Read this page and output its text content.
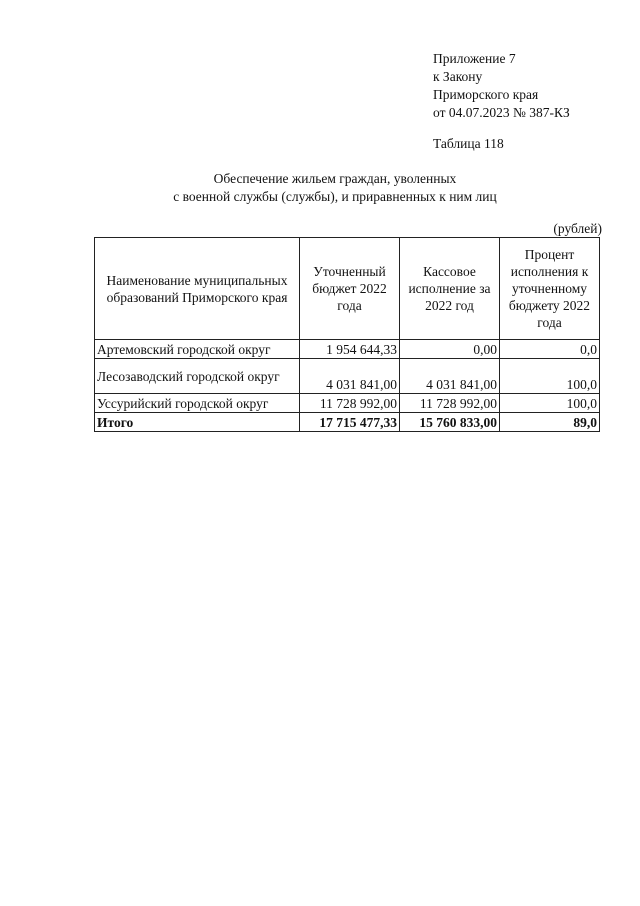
Приложение 7
к Закону
Приморского края
от 04.07.2023 № 387-КЗ
Таблица 118
Обеспечение жильем граждан, уволенных
с военной службы (службы), и приравненных к ним лиц
(рублей)
Наименование муниципальных образований Приморского края	Уточненный бюджет 2022 года	Кассовое исполнение за 2022 год	Процент исполнения к уточненному бюджету 2022 года
Артемовский городской округ	1 954 644,33	0,00	0,0
Лесозаводский городской округ	4 031 841,00	4 031 841,00	100,0
Уссурийский городской округ	11 728 992,00	11 728 992,00	100,0
Итого	17 715 477,33	15 760 833,00	89,0
